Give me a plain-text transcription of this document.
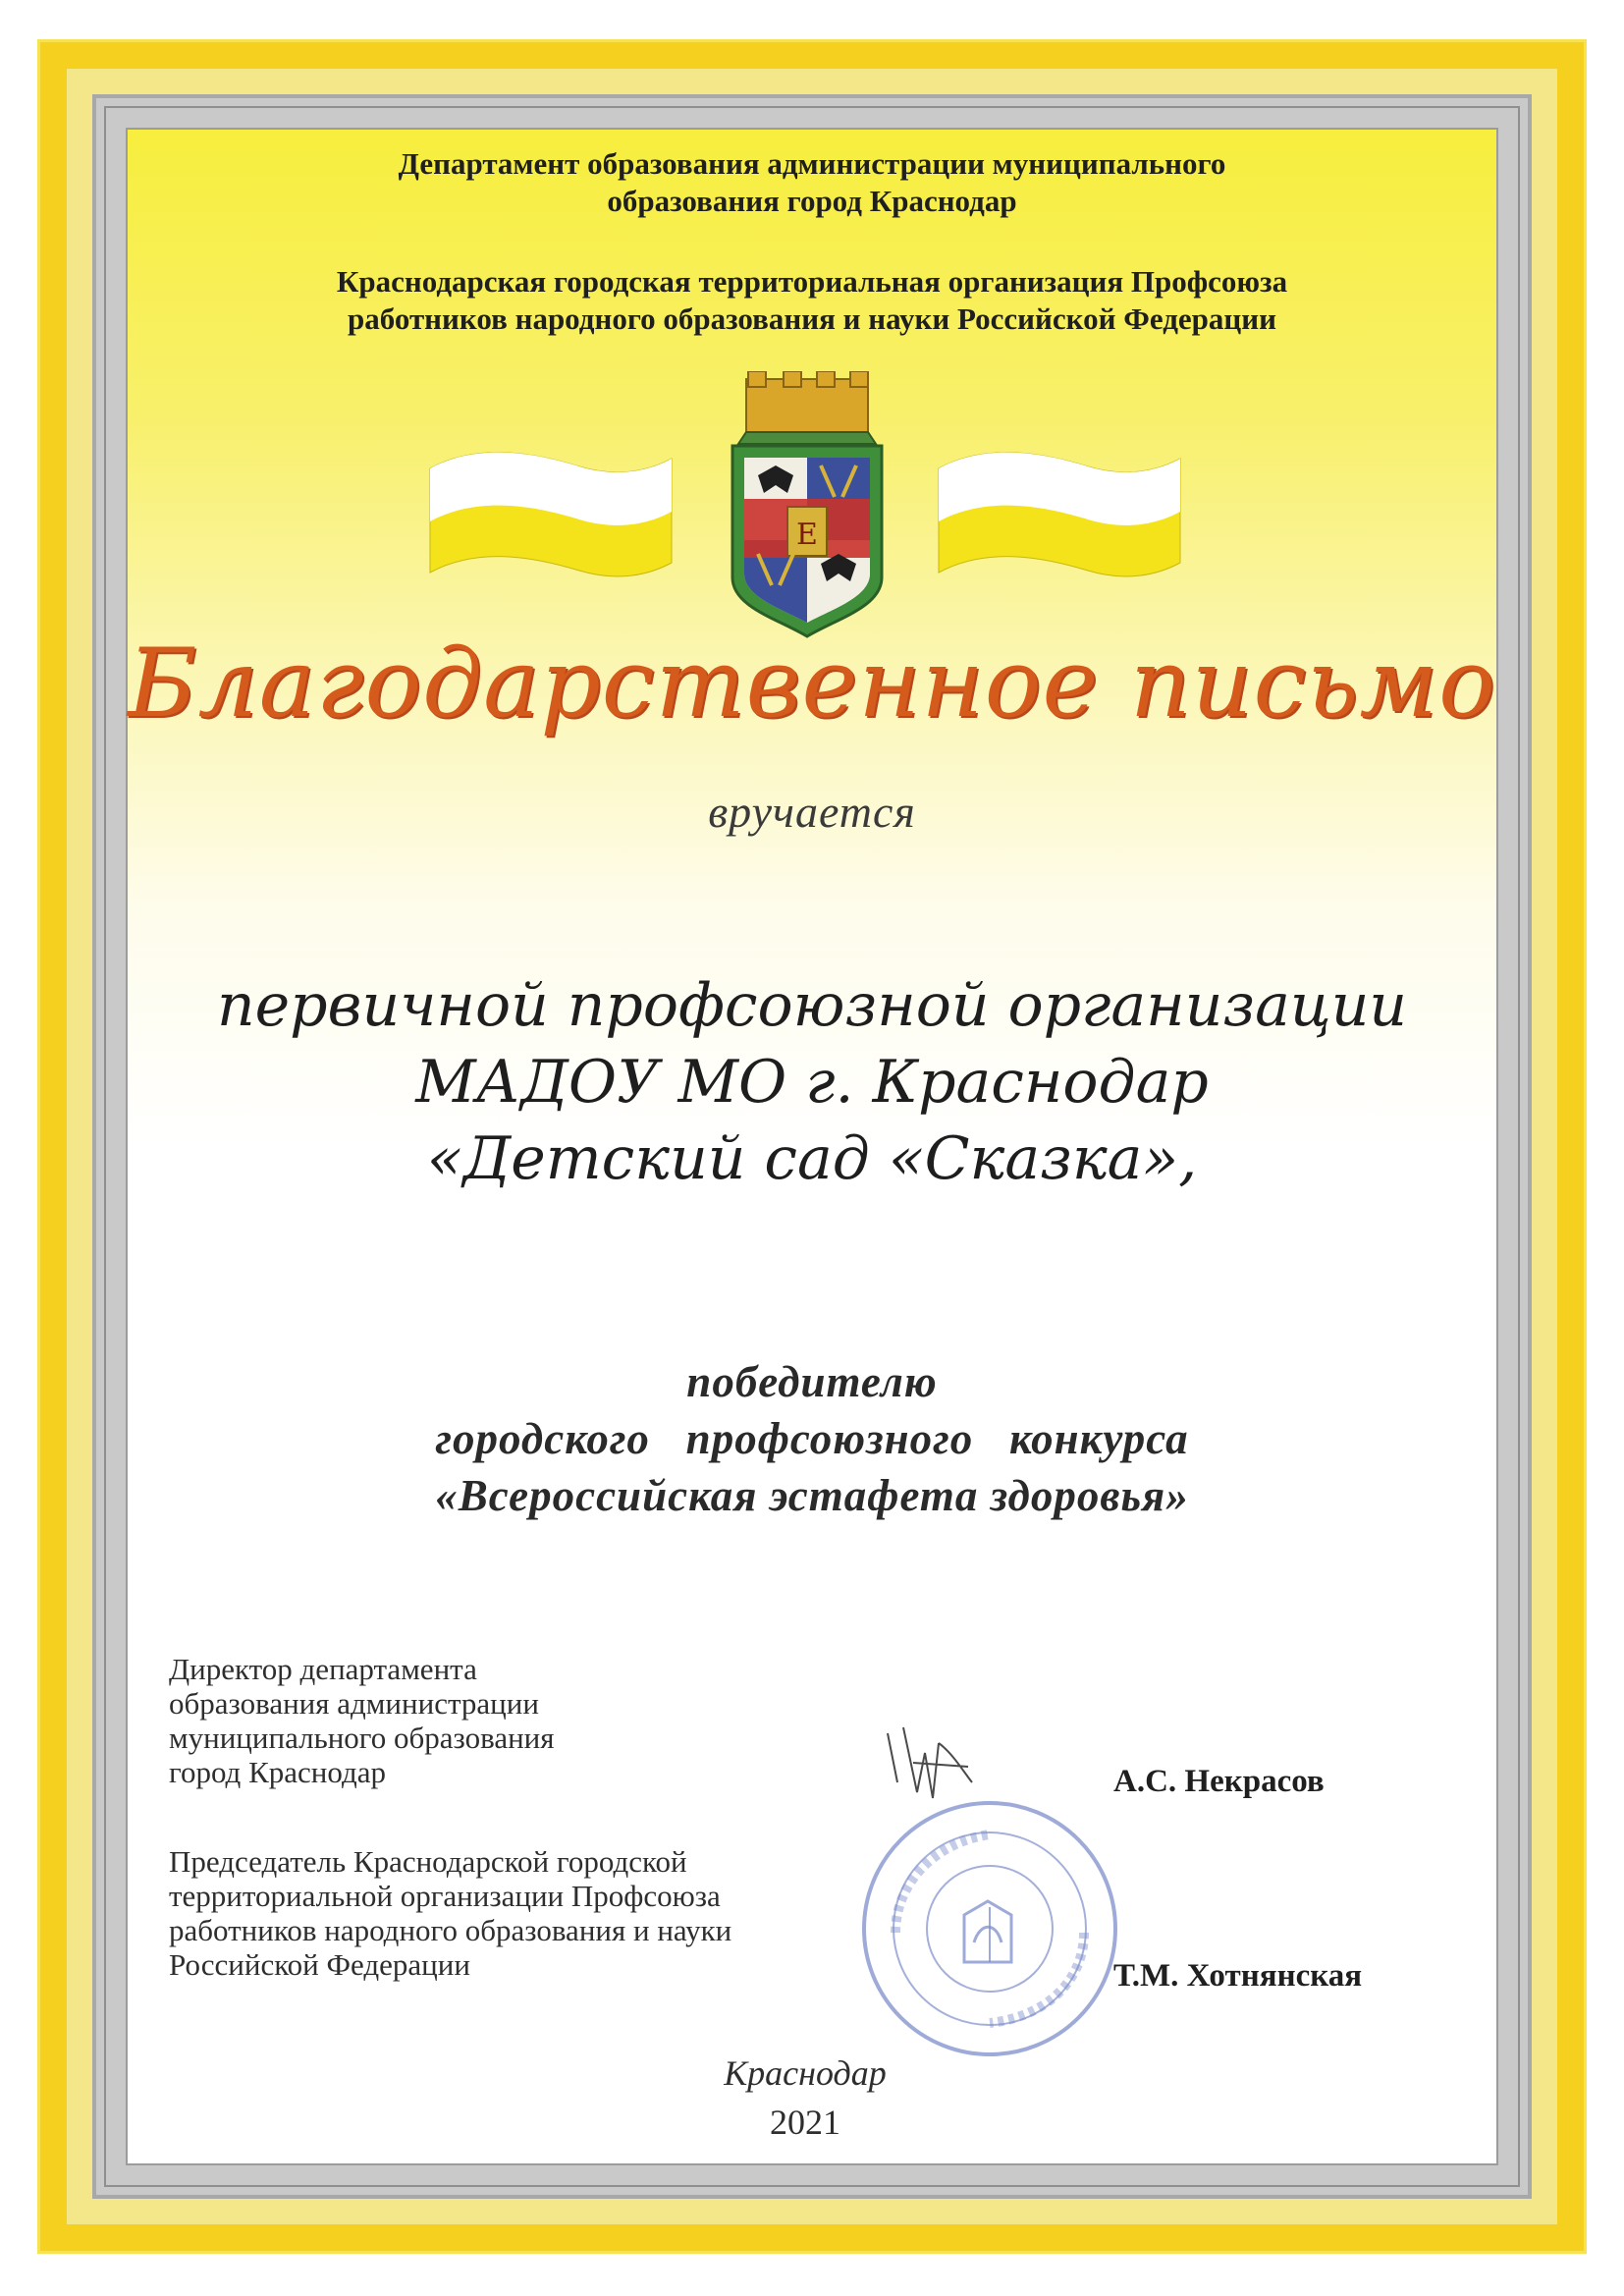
Департамент образования администрации муниципального
образования город Краснодар
Краснодарская городская территориальная организация Профсоюза
работников народного образования и науки Российской Федерации
Е
Благодарственное письмо
вручается
первичной профсоюзной организации
МАДОУ МО г. Краснодар
«Детский сад «Сказка»,
победителю
городского   профсоюзного   конкурса
«Всероссийская эстафета здоровья»
Директор департамента
образования администрации
муниципального образования
город Краснодар	А.С. Некрасов
Председатель Краснодарской городской
территориальной организации Профсоюза
работников народного образования и науки
Российской Федерации	Т.М. Хотнянская
Краснодар
2021
